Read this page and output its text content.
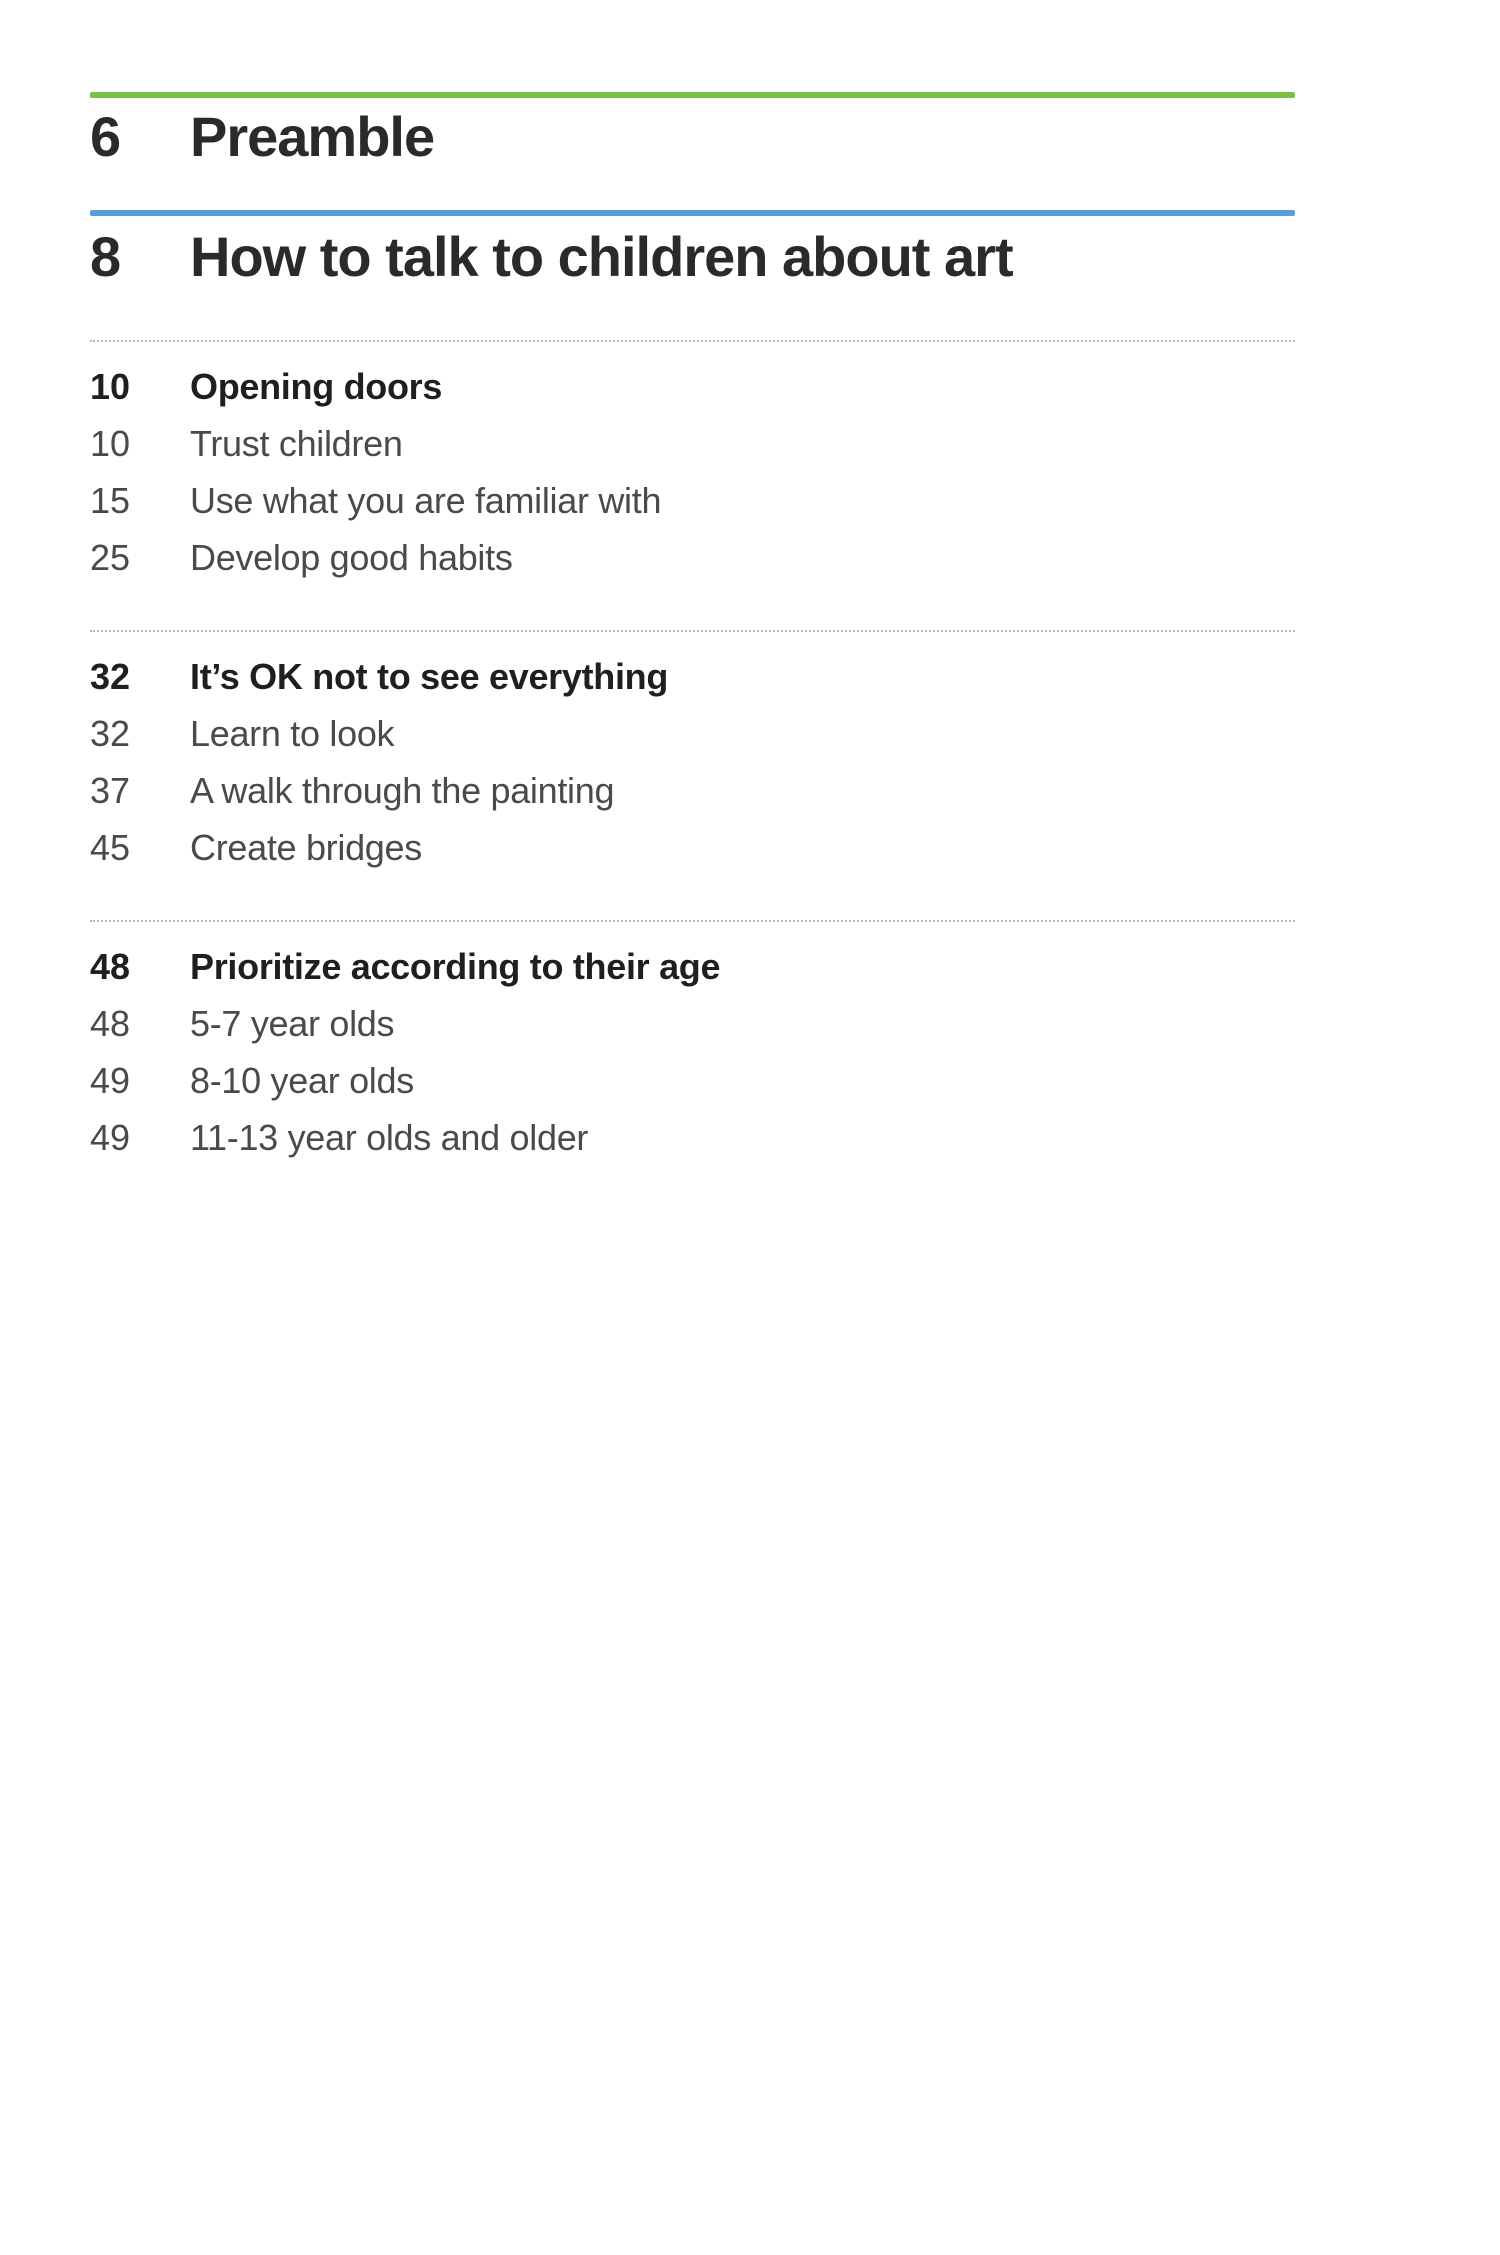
6	Preamble
8	How to talk to children about art
10	Opening doors
10	Trust children
15	Use what you are familiar with
25	Develop good habits
32	It’s OK not to see everything
32	Learn to look
37	A walk through the painting
45	Create bridges
48	Prioritize according to their age
48	5-7 year olds
49	8-10 year olds
49	11-13 year olds and older
